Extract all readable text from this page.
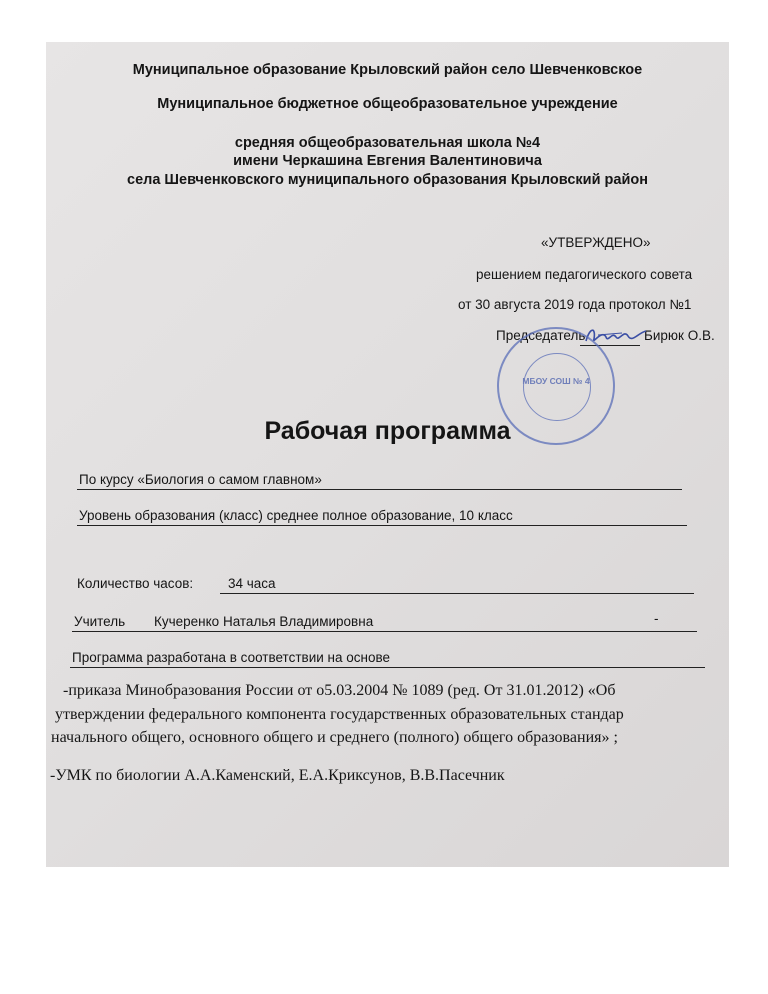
Муниципальное образование Крыловский район село Шевченковское
Муниципальное бюджетное общеобразовательное учреждение
средняя общеобразовательная школа №4
имени Черкашина Евгения Валентиновича
села Шевченковского муниципального образования Крыловский район
«УТВЕРЖДЕНО»
решением педагогического совета
от 30 августа 2019 года протокол №1
Председатель	Бирюк О.В.
МБОУ СОШ № 4
Рабочая программа
По курсу «Биология о самом главном»
Уровень образования (класс) среднее полное образование, 10 класс
Количество часов:	34 часа
Учитель Кучеренко Наталья Владимировна	-
Программа разработана в соответствии на основе
-приказа Минобразования России от о5.03.2004 № 1089 (ред. От 31.01.2012) «Об
утверждении федерального компонента государственных образовательных стандар
начального общего, основного общего и среднего (полного) общего образования» ;
-УМК по биологии А.А.Каменский, Е.А.Криксунов, В.В.Пасечник
